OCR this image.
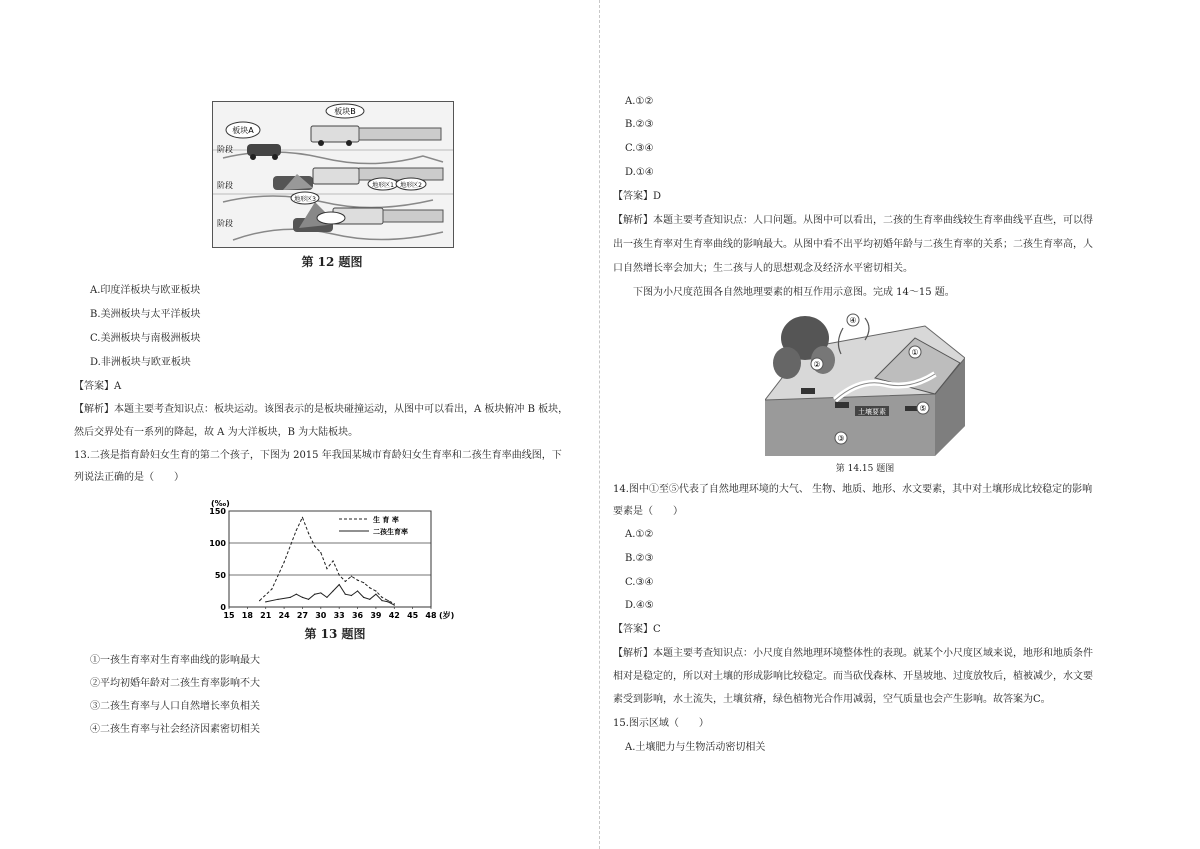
板块A
板块B
地形区1 地形区2
地形区3
阶段
阶段
阶段
第 12 题图
A.印度洋板块与欧亚板块
B.美洲板块与太平洋板块
C.美洲板块与南极洲板块
D.非洲板块与欧亚板块
【答案】A
【解析】本题主要考查知识点：板块运动。该图表示的是板块碰撞运动，从图中可以看出，A 板块俯冲 B 板块，
然后交界处有一系列的降起，故 A 为大洋板块，B 为大陆板块。
13.二孩是指育龄妇女生育的第二个孩子，下图为 2015 年我国某城市育龄妇女生育率和二孩生育率曲线图，下
列说法正确的是（　　）
0
50
100
150
15 18 21 24 27 30 33 36 39 42 45 48
(‰)
(岁)
生 育 率
二孩生育率
第 13 题图
①一孩生育率对生育率曲线的影响最大
②平均初婚年龄对二孩生育率影响不大
③二孩生育率与人口自然增长率负相关
④二孩生育率与社会经济因素密切相关
A.①②
B.②③
C.③④
D.①④
【答案】D
【解析】本题主要考查知识点：人口问题。从图中可以看出，二孩的生育率曲线较生育率曲线平直些，可以得
出一孩生育率对生育率曲线的影响最大。从图中看不出平均初婚年龄与二孩生育率的关系；二孩生育率高，人
口自然增长率会加大；生二孩与人的思想观念及经济水平密切相关。
下图为小尺度范围各自然地理要素的相互作用示意图。完成 14～15 题。
④
②
③
①
⑤
土壤要素
第 14.15 题图
14.图中①至⑤代表了自然地理环境的大气、 生物、地质、地形、水文要素，其中对土壤形成比较稳定的影响
要素是（　　）
A.①②
B.②③
C.③④
D.④⑤
【答案】C
【解析】本题主要考查知识点：小尺度自然地理环境整体性的表现。就某个小尺度区域来说，地形和地质条件
相对是稳定的，所以对土壤的形成影响比较稳定。而当砍伐森林、开垦坡地、过度放牧后，植被减少，水文要
素受到影响，水土流失，土壤贫瘠，绿色植物光合作用减弱，空气质量也会产生影响。故答案为C。
15.图示区域（　　）
A.土壤肥力与生物活动密切相关
